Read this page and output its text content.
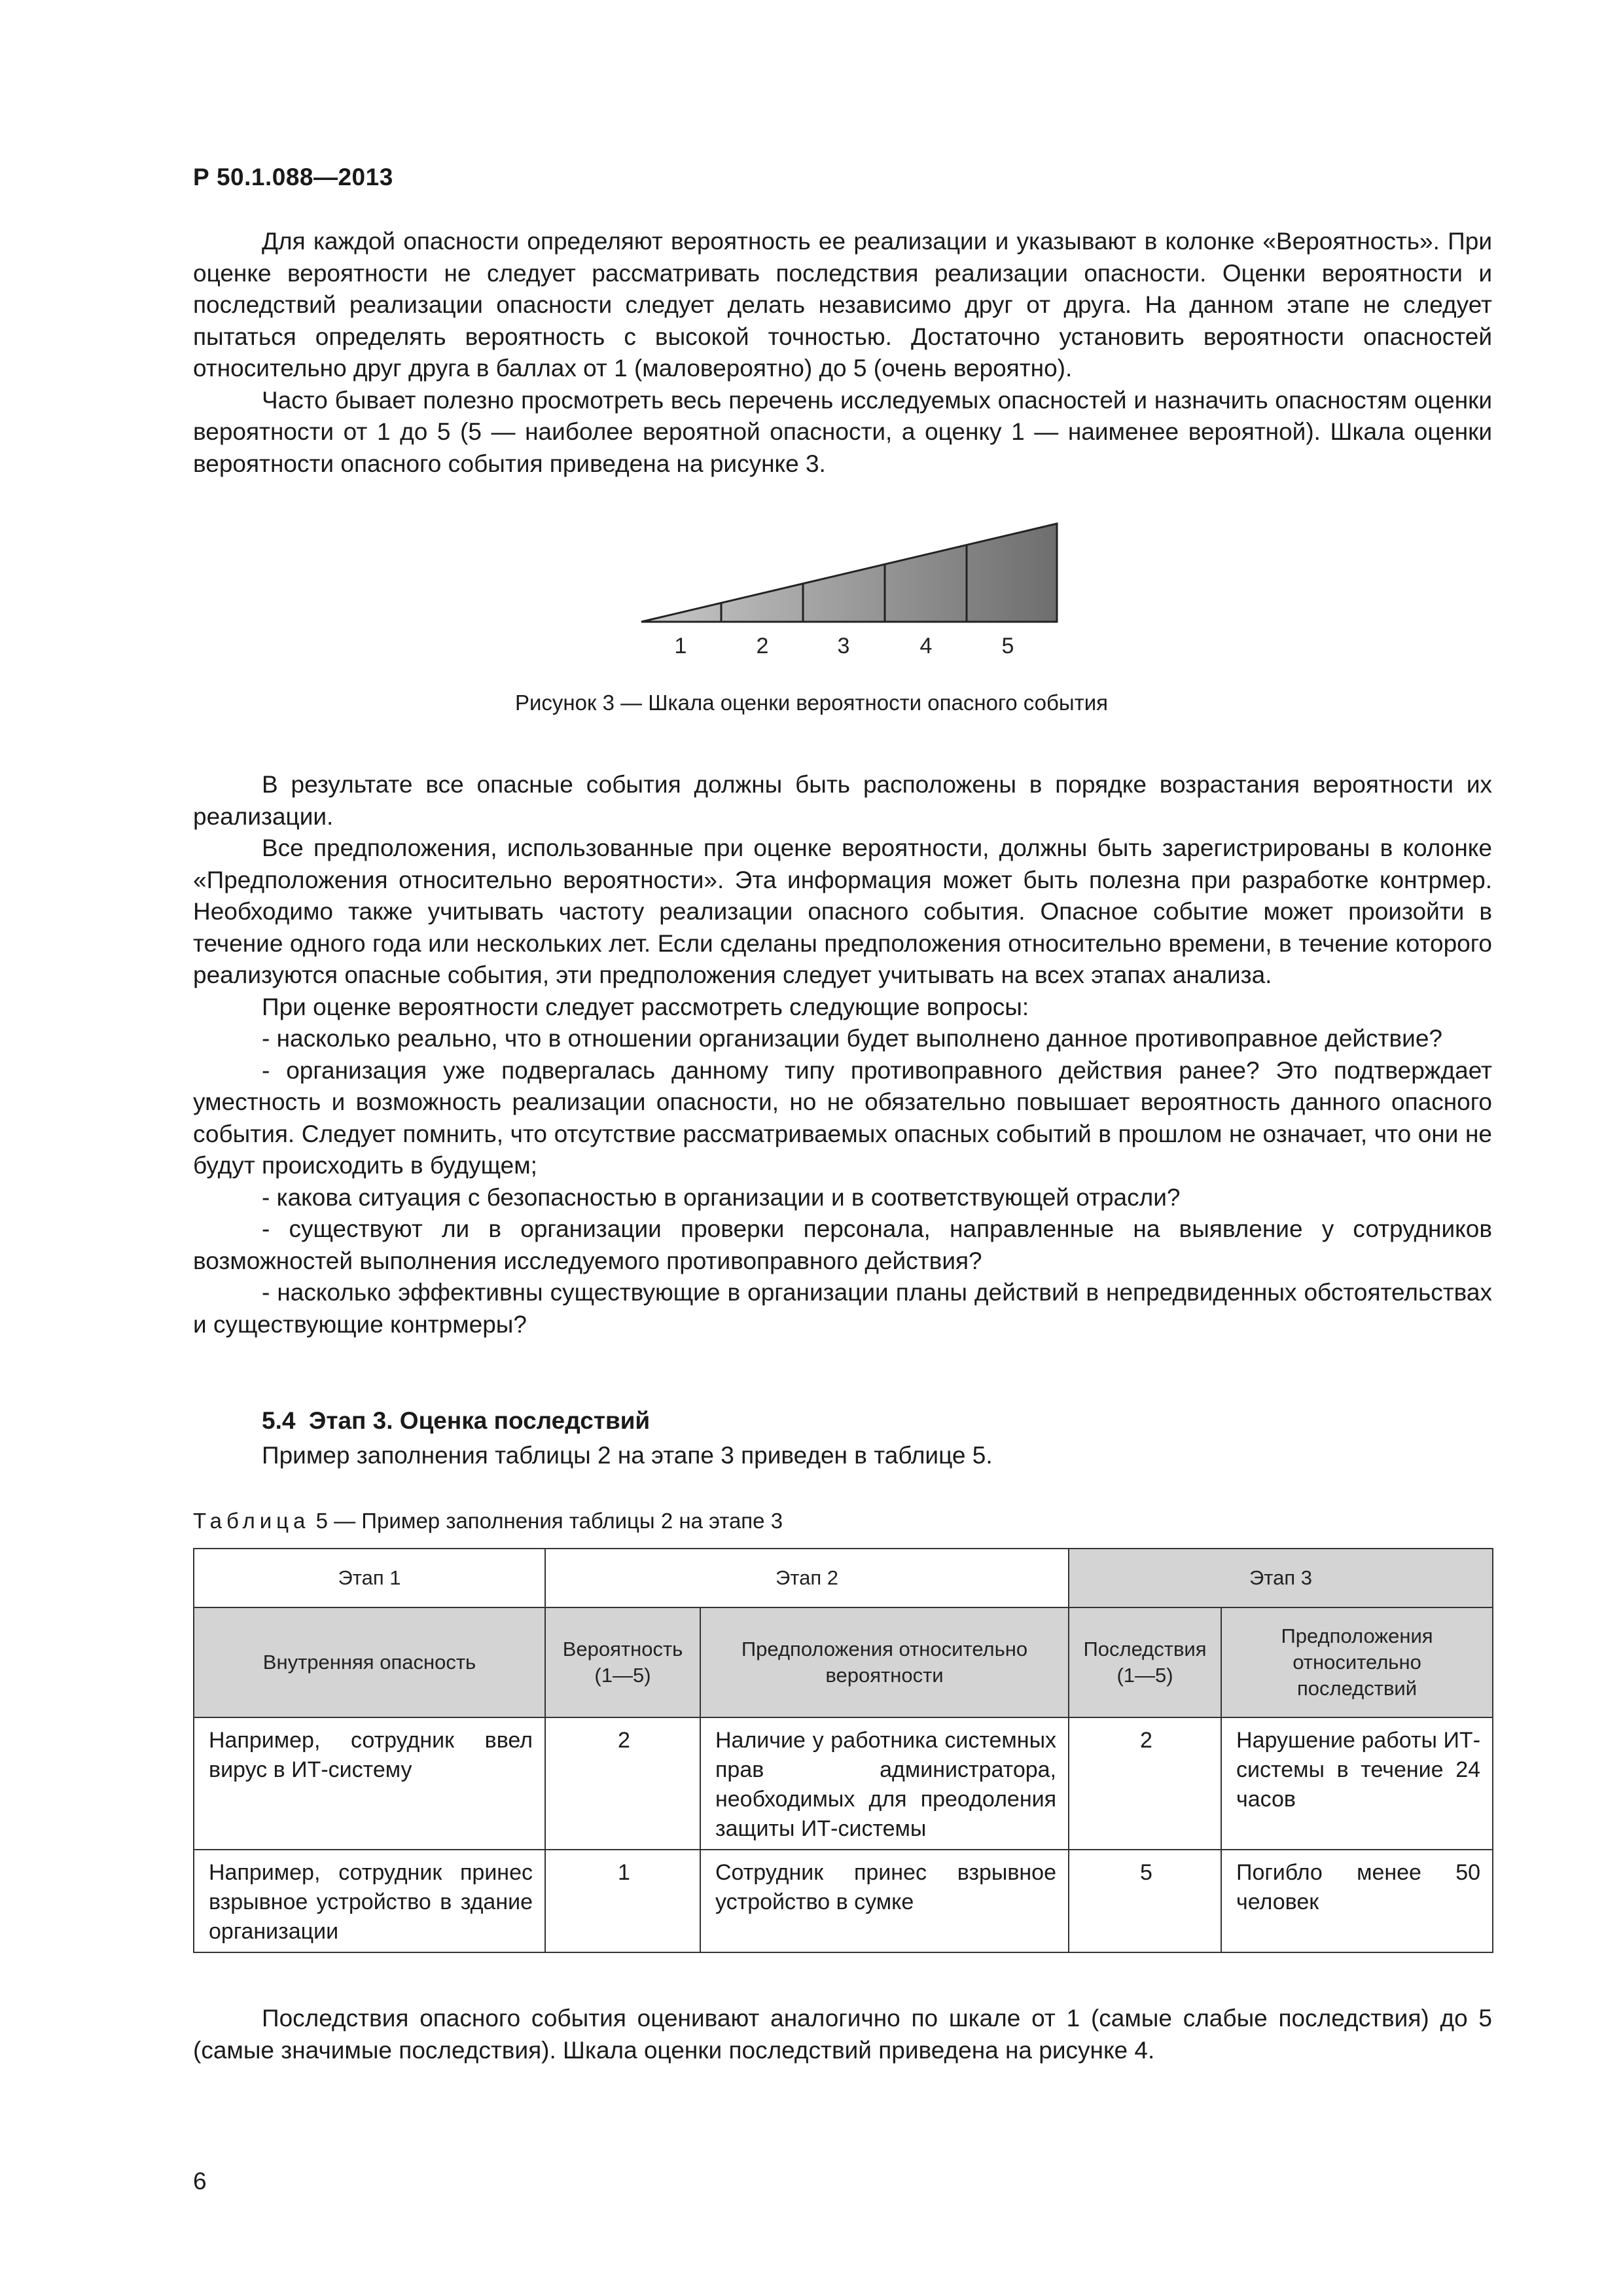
Р 50.1.088—2013

Для каждой опасности определяют вероятность ее реализации и указывают в колонке «Вероятность». При оценке вероятности не следует рассматривать последствия реализации опасности. Оценки вероятности и последствий реализации опасности следует делать независимо друг от друга. На данном этапе не следует пытаться определять вероятность с высокой точностью. Достаточно установить вероятности опасностей относительно друг друга в баллах от 1 (маловероятно) до 5 (очень вероятно).

Часто бывает полезно просмотреть весь перечень исследуемых опасностей и назначить опасностям оценки вероятности от 1 до 5 (5 — наиболее вероятной опасности, а оценку 1 — наименее вероятной). Шкала оценки вероятности опасного события приведена на рисунке 3.

1	2	3	4	5
Рисунок 3 — Шкала оценки вероятности опасного события

В результате все опасные события должны быть расположены в порядке возрастания вероятности их реализации.

Все предположения, использованные при оценке вероятности, должны быть зарегистрированы в колонке «Предположения относительно вероятности». Эта информация может быть полезна при разработке контрмер. Необходимо также учитывать частоту реализации опасного события. Опасное событие может произойти в течение одного года или нескольких лет. Если сделаны предположения относительно времени, в течение которого реализуются опасные события, эти предположения следует учитывать на всех этапах анализа.

При оценке вероятности следует рассмотреть следующие вопросы:

- насколько реально, что в отношении организации будет выполнено данное противоправное действие?

- организация уже подвергалась данному типу противоправного действия ранее? Это подтверждает уместность и возможность реализации опасности, но не обязательно повышает вероятность данного опасного события. Следует помнить, что отсутствие рассматриваемых опасных событий в прошлом не означает, что они не будут происходить в будущем;

- какова ситуация с безопасностью в организации и в соответствующей отрасли?

- существуют ли в организации проверки персонала, направленные на выявление у сотрудников возможностей выполнения исследуемого противоправного действия?

- насколько эффективны существующие в организации планы действий в непредвиденных обстоятельствах и существующие контрмеры?

5.4 Этап 3. Оценка последствий

Пример заполнения таблицы 2 на этапе 3 приведен в таблице 5.

Таблица 5 — Пример заполнения таблицы 2 на этапе 3
Этап 1	Этап 2		Этап 3	
Внутренняя опасность	Вероятность (1—5)	Предположения относительно вероятности	Последствия (1—5)	Предположения относительно последствий
Например, сотрудник ввел вирус в ИТ-систему	2	Наличие у работника системных прав администратора, необходимых для преодоления защиты ИТ-системы	2	Нарушение работы ИТ-системы в течение 24 часов
Например, сотрудник принес взрывное устройство в здание организации	1	Сотрудник принес взрывное устройство в сумке	5	Погибло менее 50 человек

Последствия опасного события оценивают аналогично по шкале от 1 (самые слабые последствия) до 5 (самые значимые последствия). Шкала оценки последствий приведена на рисунке 4.

6
